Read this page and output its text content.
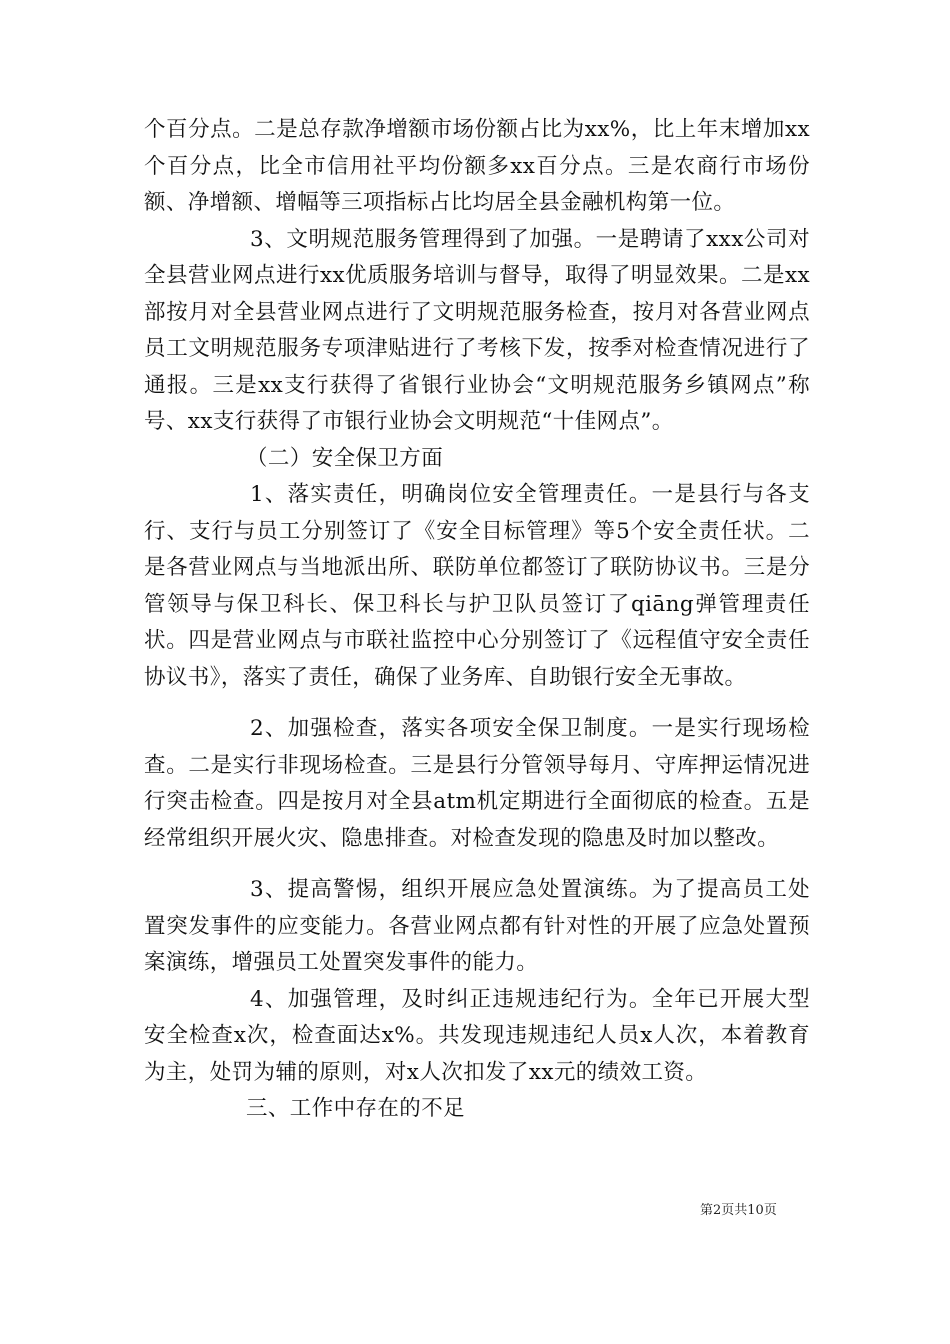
个百分点。二是总存款净增额市场份额占比为xx%，比上年末增加xx个百分点，比全市信用社平均份额多xx百分点。三是农商行市场份额、净增额、增幅等三项指标占比均居全县金融机构第一位。

3、文明规范服务管理得到了加强。一是聘请了xxx公司对全县营业网点进行xx优质服务培训与督导，取得了明显效果。二是xx部按月对全县营业网点进行了文明规范服务检查，按月对各营业网点员工文明规范服务专项津贴进行了考核下发，按季对检查情况进行了通报。三是xx支行获得了省银行业协会“文明规范服务乡镇网点”称号、xx支行获得了市银行业协会文明规范“十佳网点”。

（二）安全保卫方面

1、落实责任，明确岗位安全管理责任。一是县行与各支行、支行与员工分别签订了《安全目标管理》等5个安全责任状。二是各营业网点与当地派出所、联防单位都签订了联防协议书。三是分管领导与保卫科长、保卫科长与护卫队员签订了qiāng弹管理责任状。四是营业网点与市联社监控中心分别签订了《远程值守安全责任协议书》，落实了责任，确保了业务库、自助银行安全无事故。

2、加强检查，落实各项安全保卫制度。一是实行现场检查。二是实行非现场检查。三是县行分管领导每月、守库押运情况进行突击检查。四是按月对全县atm机定期进行全面彻底的检查。五是经常组织开展火灾、隐患排查。对检查发现的隐患及时加以整改。

3、提高警惕，组织开展应急处置演练。为了提高员工处置突发事件的应变能力。各营业网点都有针对性的开展了应急处置预案演练，增强员工处置突发事件的能力。

4、加强管理，及时纠正违规违纪行为。全年已开展大型安全检查x次，检查面达x%。共发现违规违纪人员x人次，本着教育为主，处罚为辅的原则，对x人次扣发了xx元的绩效工资。

三、工作中存在的不足

第2页共10页
